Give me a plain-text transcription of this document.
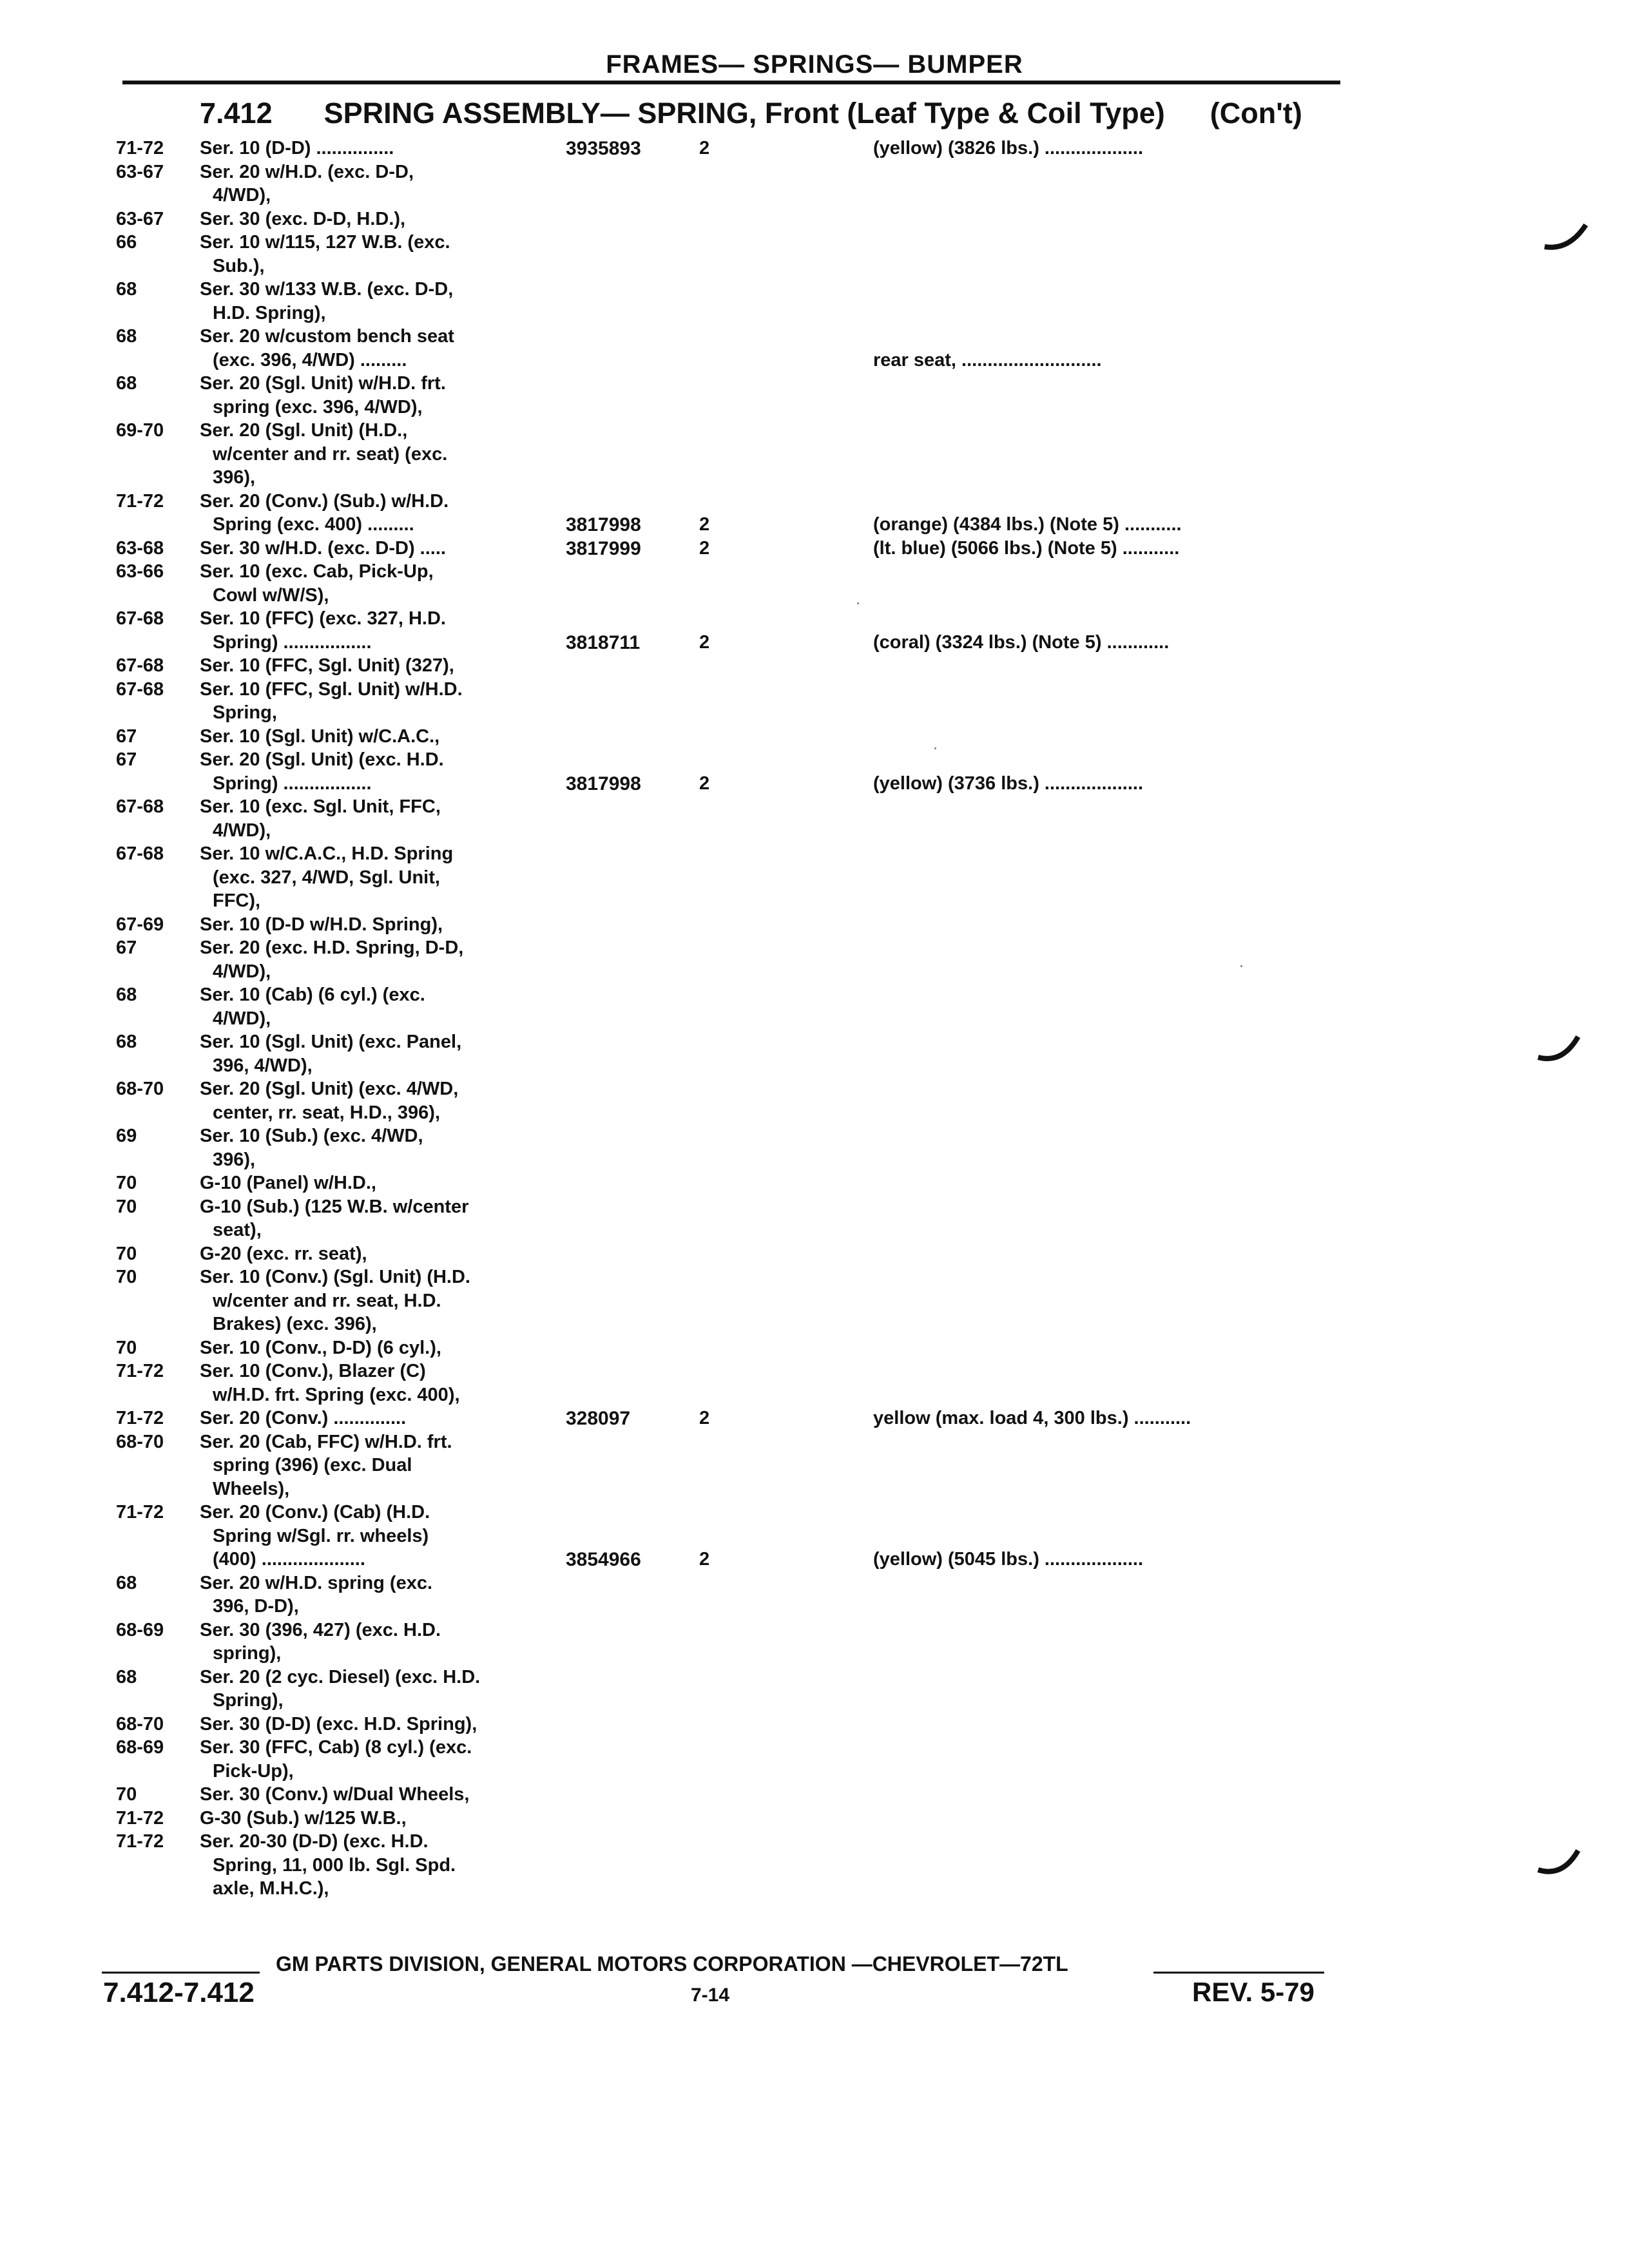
FRAMES— SPRINGS— BUMPER
7.412 SPRING ASSEMBLY— SPRING, Front (Leaf Type & Coil Type) (Con't)
71-72 Ser. 10 (D-D) ...............	3935893	2	(yellow) (3826 lbs.) ...................
63-67 Ser. 20 w/H.D. (exc. D-D,
4/WD),
63-67 Ser. 30 (exc. D-D, H.D.),
66	Ser. 10 w/115, 127 W.B. (exc.
Sub.),
68	Ser. 30 w/133 W.B. (exc. D-D,
H.D. Spring),
68	Ser. 20 w/custom bench seat
(exc. 396, 4/WD) .........	rear seat, ...........................
68	Ser. 20 (Sgl. Unit) w/H.D. frt.
spring (exc. 396, 4/WD),
69-70 Ser. 20 (Sgl. Unit) (H.D.,
w/center and rr. seat) (exc.
396),
71-72 Ser. 20 (Conv.) (Sub.) w/H.D.
Spring (exc. 400) .........	3817998	2	(orange) (4384 lbs.) (Note 5) ...........
63-68 Ser. 30 w/H.D. (exc. D-D) .....	3817999	2	(lt. blue) (5066 lbs.) (Note 5) ...........
63-66 Ser. 10 (exc. Cab, Pick-Up,
Cowl w/W/S),
67-68 Ser. 10 (FFC) (exc. 327, H.D.
Spring) .................	3818711	2	(coral) (3324 lbs.) (Note 5) ............
67-68 Ser. 10 (FFC, Sgl. Unit) (327),
67-68 Ser. 10 (FFC, Sgl. Unit) w/H.D.
Spring,
67	Ser. 10 (Sgl. Unit) w/C.A.C.,
67	Ser. 20 (Sgl. Unit) (exc. H.D.
Spring) .................	3817998	2	(yellow) (3736 lbs.) ...................
67-68 Ser. 10 (exc. Sgl. Unit, FFC,
4/WD),
67-68 Ser. 10 w/C.A.C., H.D. Spring
(exc. 327, 4/WD, Sgl. Unit,
FFC),
67-69 Ser. 10 (D-D w/H.D. Spring),
67	Ser. 20 (exc. H.D. Spring, D-D,
4/WD),
68	Ser. 10 (Cab) (6 cyl.) (exc.
4/WD),
68	Ser. 10 (Sgl. Unit) (exc. Panel,
396, 4/WD),
68-70 Ser. 20 (Sgl. Unit) (exc. 4/WD,
center, rr. seat, H.D., 396),
69	Ser. 10 (Sub.) (exc. 4/WD,
396),
70	G-10 (Panel) w/H.D.,
70	G-10 (Sub.) (125 W.B. w/center
seat),
70	G-20 (exc. rr. seat),
70	Ser. 10 (Conv.) (Sgl. Unit) (H.D.
w/center and rr. seat, H.D.
Brakes) (exc. 396),
70	Ser. 10 (Conv., D-D) (6 cyl.),
71-72 Ser. 10 (Conv.), Blazer (C)
w/H.D. frt. Spring (exc. 400),
71-72 Ser. 20 (Conv.) ..............	328097	2	yellow (max. load 4, 300 lbs.) ...........
68-70 Ser. 20 (Cab, FFC) w/H.D. frt.
spring (396) (exc. Dual
Wheels),
71-72 Ser. 20 (Conv.) (Cab) (H.D.
Spring w/Sgl. rr. wheels)
(400) ....................	3854966	2	(yellow) (5045 lbs.) ...................
68	Ser. 20 w/H.D. spring (exc.
396, D-D),
68-69 Ser. 30 (396, 427) (exc. H.D.
spring),
68	Ser. 20 (2 cyc. Diesel) (exc. H.D.
Spring),
68-70 Ser. 30 (D-D) (exc. H.D. Spring),
68-69 Ser. 30 (FFC, Cab) (8 cyl.) (exc.
Pick-Up),
70	Ser. 30 (Conv.) w/Dual Wheels,
71-72 G-30 (Sub.) w/125 W.B.,
71-72 Ser. 20-30 (D-D) (exc. H.D.
Spring, 11, 000 lb. Sgl. Spd.
axle, M.H.C.),
GM PARTS DIVISION, GENERAL MOTORS CORPORATION —CHEVROLET—72TL
7.412-7.412	7-14	REV. 5-79
